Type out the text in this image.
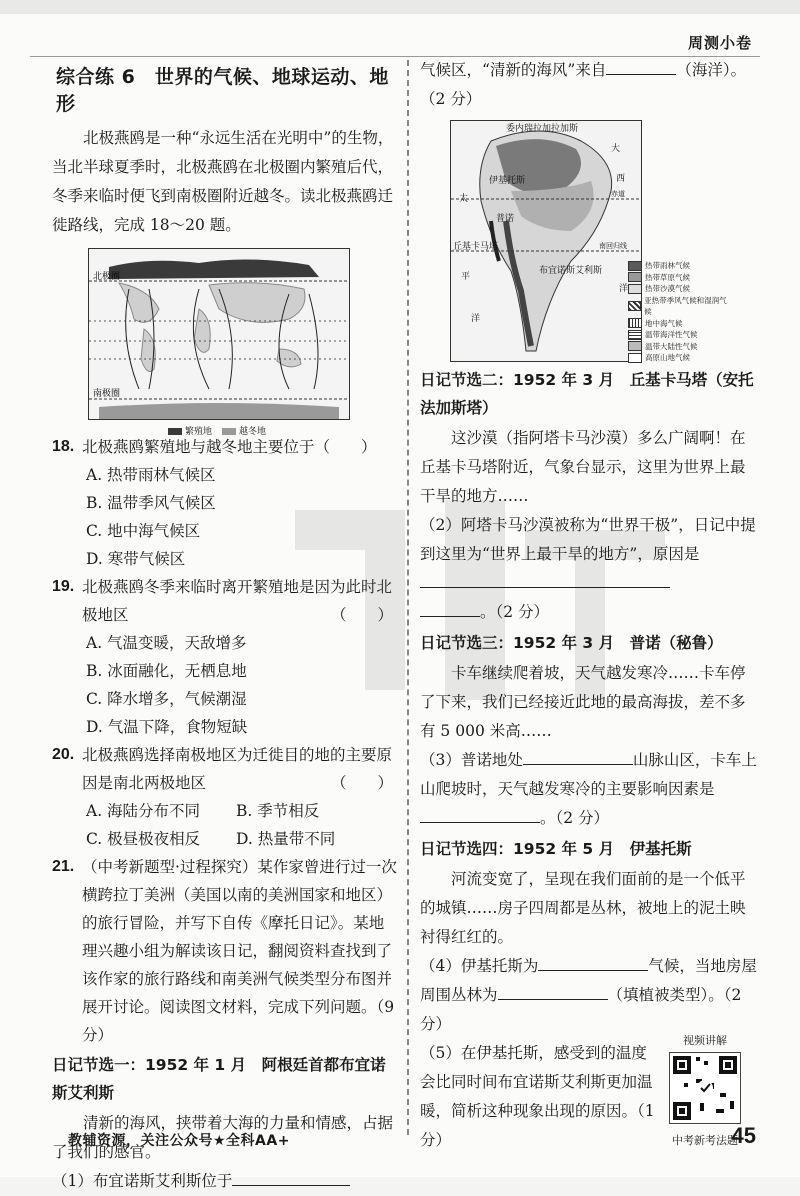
周测小卷
综合练 6　世界的气候、地球运动、地形

北极燕鸥是一种“永远生活在光明中”的生物，当北半球夏季时，北极燕鸥在北极圈内繁殖后代，冬季来临时便飞到南极圈附近越冬。读北极燕鸥迁徙路线，完成 18～20 题。

北极圈
南极圈
繁殖地	越冬地
18. 北极燕鸥繁殖地与越冬地主要位于（　　）
A. 热带雨林气候区
B. 温带季风气候区
C. 地中海气候区
D. 寒带气候区
19. 北极燕鸥冬季来临时离开繁殖地是因为此时北极地区	（　　）
A. 气温变暖，天敌增多
B. 冰面融化，无栖息地
C. 降水增多，气候潮湿
D. 气温下降，食物短缺
20. 北极燕鸥选择南极地区为迁徙目的地的主要原因是南北两极地区	（　　）
A. 海陆分布不同	B. 季节相反
C. 极昼极夜相反	D. 热量带不同
21. （中考新题型·过程探究）某作家曾进行过一次横跨拉丁美洲（美国以南的美洲国家和地区）的旅行冒险，并写下自传《摩托日记》。某地理兴趣小组为解读该日记，翻阅资料查找到了该作家的旅行路线和南美洲气候类型分布图并展开讨论。阅读图文材料，完成下列问题。（9 分）
日记节选一：1952 年 1 月　阿根廷首都布宜诺斯艾利斯

清新的海风，挟带着大海的力量和情感，占据了我们的感官。

（1）布宜诺斯艾利斯位于

气候区，“清新的海风”来自	（海洋）。（2 分）

委内瑞拉加拉加斯
伊基托斯
普诺
丘基卡马塔
布宜诺斯艾利斯
太
平
洋
大
西
洋
南回归线
赤道
热带雨林气候
热带草原气候
热带沙漠气候
亚热带季风气候和湿润气候
地中海气候
温带海洋性气候
温带大陆性气候
高原山地气候
日记节选二：1952 年 3 月　丘基卡马塔（安托法加斯塔）

这沙漠（指阿塔卡马沙漠）多么广阔啊！在丘基卡马塔附近，气象台显示，这里为世界上最干旱的地方……

（2）阿塔卡马沙漠被称为“世界干极”，日记中提到这里为“世界上最干旱的地方”，原因是
。（2 分）

日记节选三：1952 年 3 月　普诺（秘鲁）

卡车继续爬着坡，天气越发寒冷……卡车停了下来，我们已经接近此地的最高海拔，差不多有 5 000 米高……

（3）普诺地处	山脉山区，卡车上山爬坡时，天气越发寒冷的主要影响因素是。（2 分）

日记节选四：1952 年 5 月　伊基托斯

河流变宽了，呈现在我们面前的是一个低平的城镇……房子四周都是丛林，被地上的泥土映衬得红红的。

（4）伊基托斯为	气候，当地房屋周围丛林为	（填植被类型）。（2 分）

（5）在伊基托斯，感受到的温度会比同时间布宜诺斯艾利斯更加温暖，简析这种现象出现的原因。（1 分）

视频讲解
中考新考法题
教辅资源，关注公众号★全科AA+	45
